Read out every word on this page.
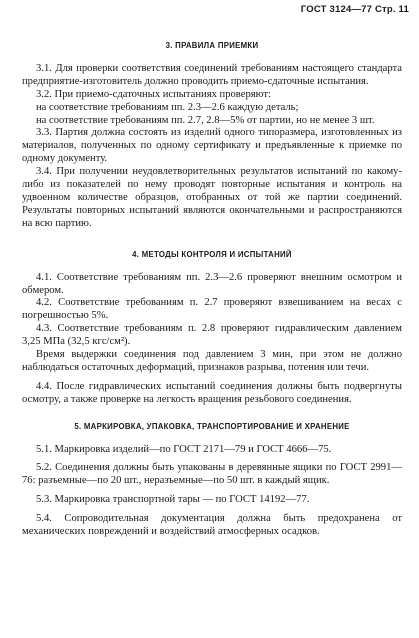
ГОСТ 3124—77 Стр. 11
3. ПРАВИЛА ПРИЕМКИ

3.1. Для проверки соответствия соединений требованиям настоящего стандарта предприятие-изготовитель должно проводить приемо-сдаточные испытания.

3.2. При приемо-сдаточных испытаниях проверяют:

на соответствие требованиям пп. 2.3—2.6 каждую деталь;

на соответствие требованиям пп. 2.7, 2.8—5% от партии, но не менее 3 шт.

3.3. Партия должна состоять из изделий одного типоразмера, изготовленных из материалов, полученных по одному сертификату и предъявленные к приемке по одному документу.

3.4. При получении неудовлетворительных результатов испытаний по какому-либо из показателей по нему проводят повторные испытания и контроль на удвоенном количестве образцов, отобранных от той же партии соединений. Результаты повторных испытаний являются окончательными и распространяются на всю партию.

4. МЕТОДЫ КОНТРОЛЯ И ИСПЫТАНИЙ

4.1. Соответствие требованиям пп. 2.3—2.6 проверяют внешним осмотром и обмером.

4.2. Соответствие требованиям п. 2.7 проверяют взвешиванием на весах с погрешностью 5%.

4.3. Соответствие требованиям п. 2.8 проверяют гидравлическим давлением 3,25 МПа (32,5 кгс/см²).

Время выдержки соединения под давлением 3 мин, при этом не должно наблюдаться остаточных деформаций, признаков разрыва, потения или течи.

4.4. После гидравлических испытаний соединения должны быть подвергнуты осмотру, а также проверке на легкость вращения резьбового соединения.

5. МАРКИРОВКА, УПАКОВКА, ТРАНСПОРТИРОВАНИЕ И ХРАНЕНИЕ

5.1. Маркировка изделий—по ГОСТ 2171—79 и ГОСТ 4666—75.

5.2. Соединения должны быть упакованы в деревянные ящики по ГОСТ 2991—76: разъемные—по 20 шт., неразъемные—по 50 шт. в каждый ящик.

5.3. Маркировка транспортной тары — по ГОСТ 14192—77.

5.4. Сопроводительная документация должна быть предохранена от механических повреждений и воздействий атмосферных осадков.
